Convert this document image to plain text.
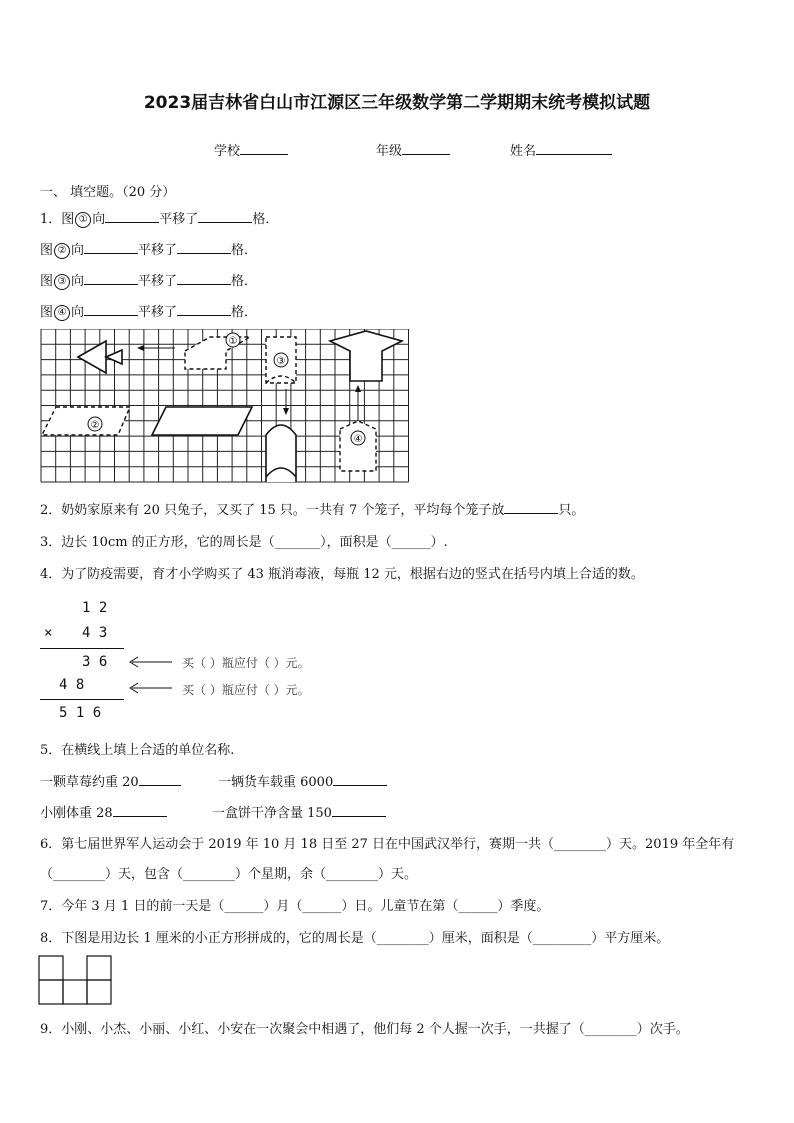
2023届吉林省白山市江源区三年级数学第二学期期末统考模拟试题
学校	年级	姓名
一、 填空题。（20 分）
1．图 ① 向	平移了	格．
图 ② 向	平移了	格．
图 ③ 向	平移了	格．
图 ④ 向	平移了	格．
①
③
④
②
2．奶奶家原来有 20 只兔子，又买了 15 只。一共有 7 个笼子，平均每个笼子放	只。
3．边长 10cm 的正方形，它的周长是（_______），面积是（______）.
4．为了防疫需要，育才小学购买了 43 瓶消毒液，每瓶 12 元，根据右边的竖式在括号内填上合适的数。
1 2
× 4 3
3 6
4 8
5 1 6
买（ ）瓶应付（ ）元。
买（ ）瓶应付（ ）元。
5．在横线上填上合适的单位名称.
一颗草莓约重 20	一辆货车载重 6000
小刚体重 28	一盒饼干净含量 150
6．第七届世界军人运动会于 2019 年 10 月 18 日至 27 日在中国武汉举行，赛期一共（________）天。2019 年全年有
（________）天，包含（________）个星期，余（________）天。
7．今年 3 月 1 日的前一天是（______）月（______）日。儿童节在第（______）季度。
8．下图是用边长 1 厘米的小正方形拼成的，它的周长是（________）厘米，面积是（_________）平方厘米。
9．小刚、小杰、小丽、小红、小安在一次聚会中相遇了，他们每 2 个人握一次手，一共握了（________）次手。
